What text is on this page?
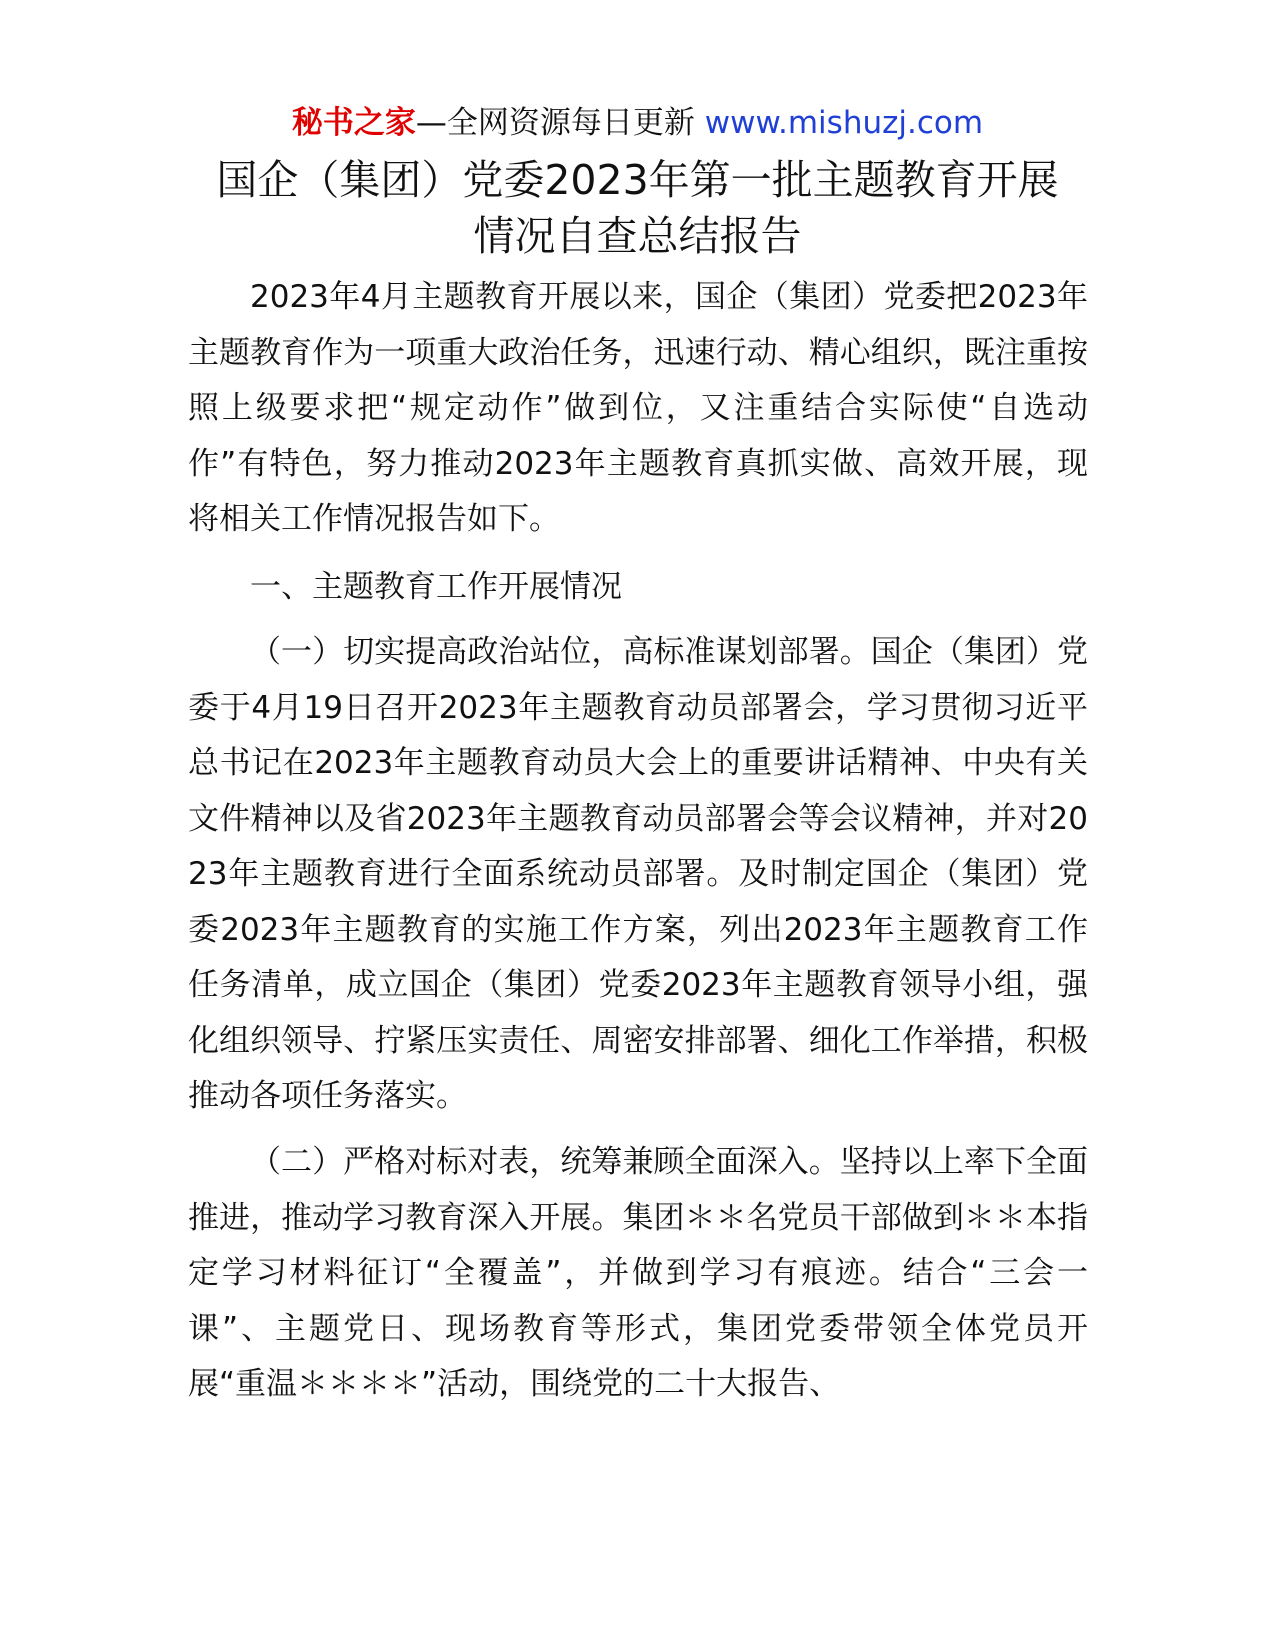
秘书之家—全网资源每日更新 www.mishuzj.com
国企（集团）党委2023年第一批主题教育开展
情况自查总结报告

2023年4月主题教育开展以来，国企（集团）党委把2023年主题教育作为一项重大政治任务，迅速行动、精心组织，既注重按照上级要求把“规定动作”做到位，又注重结合实际使“自选动作”有特色，努力推动2023年主题教育真抓实做、高效开展，现将相关工作情况报告如下。

一、主题教育工作开展情况

（一）切实提高政治站位，高标准谋划部署。国企（集团）党委于4月19日召开2023年主题教育动员部署会，学习贯彻习近平总书记在2023年主题教育动员大会上的重要讲话精神、中央有关文件精神以及省2023年主题教育动员部署会等会议精神，并对2023年主题教育进行全面系统动员部署。及时制定国企（集团）党委2023年主题教育的实施工作方案，列出2023年主题教育工作任务清单，成立国企（集团）党委2023年主题教育领导小组，强化组织领导、拧紧压实责任、周密安排部署、细化工作举措，积极推动各项任务落实。

（二）严格对标对表，统筹兼顾全面深入。坚持以上率下全面推进，推动学习教育深入开展。集团＊＊名党员干部做到＊＊本指定学习材料征订“全覆盖”，并做到学习有痕迹。结合“三会一课”、主题党日、现场教育等形式，集团党委带领全体党员开展“重温＊＊＊＊”活动，围绕党的二十大报告、
